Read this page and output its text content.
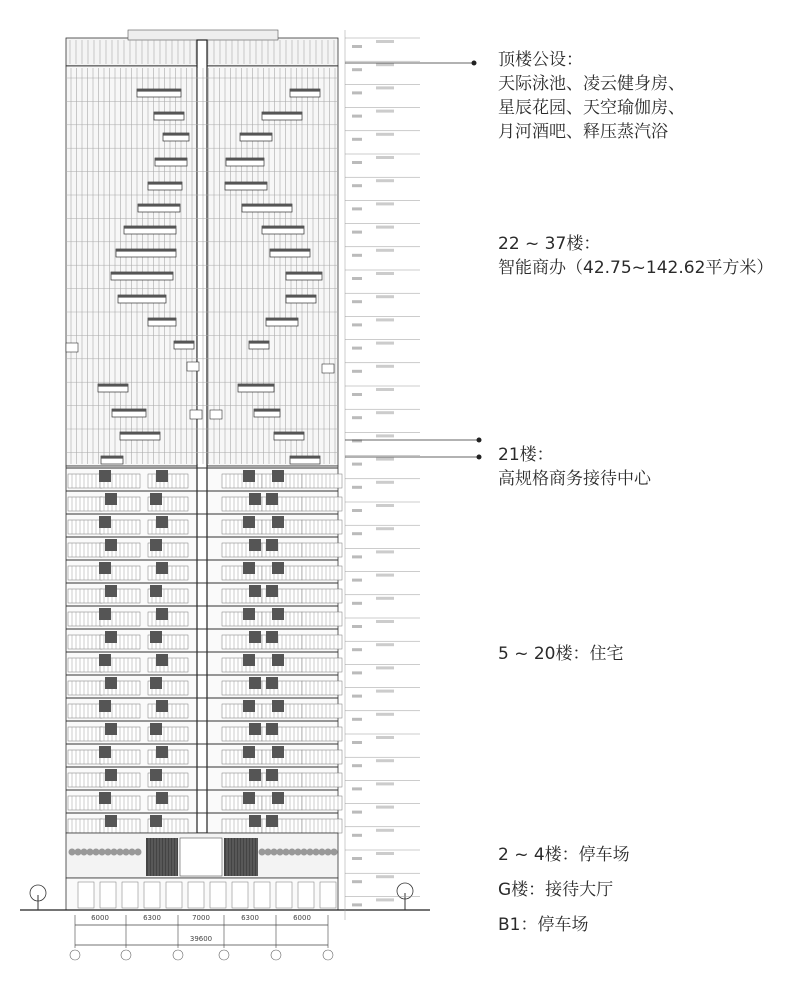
6000	6300	7000	6300	6000
39600
顶楼公设：
天际泳池、凌云健身房、
星辰花园、天空瑜伽房、
月河酒吧、释压蒸汽浴
22 ~ 37楼：
智能商办（42.75~142.62平方米）
21楼：
高规格商务接待中心
5 ~ 20楼：住宅
2 ~ 4楼：停车场
G楼：接待大厅
B1：停车场
